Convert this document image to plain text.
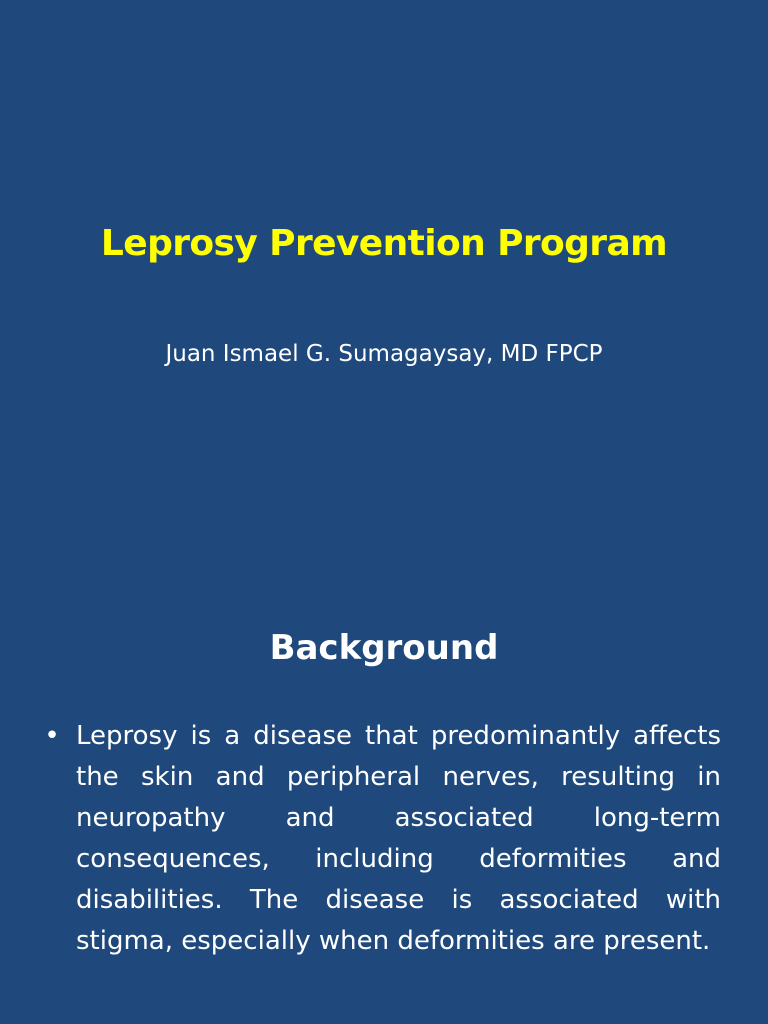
Leprosy Prevention Program

Juan Ismael G. Sumagaysay, MD FPCP

Background
• Leprosy is a disease that predominantly affects the skin and peripheral nerves, resulting in neuropathy and associated long-term consequences, including deformities and disabilities. The disease is associated with stigma, especially when deformities are present.
